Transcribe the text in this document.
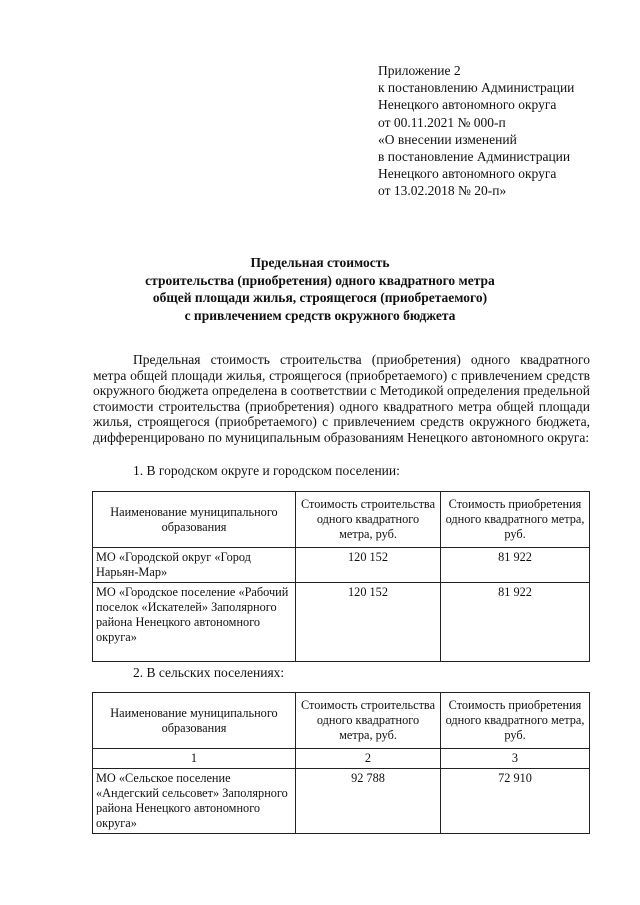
Приложение 2
к постановлению Администрации
Ненецкого автономного округа
от 00.11.2021 № 000-п
«О внесении изменений
в постановление Администрации
Ненецкого автономного округа
от 13.02.2018 № 20-п»
Предельная стоимость
строительства (приобретения) одного квадратного метра
общей площади жилья, строящегося (приобретаемого)
с привлечением средств окружного бюджета

Предельная стоимость строительства (приобретения) одного квадратного метра общей площади жилья, строящегося (приобретаемого) с привлечением средств окружного бюджета определена в соответствии с Методикой определения предельной стоимости строительства (приобретения) одного квадратного метра общей площади жилья, строящегося (приобретаемого) с привлечением средств окружного бюджета, дифференцировано по муниципальным образованиям Ненецкого автономного округа:

1. В городском округе и городском поселении:
Наименование муниципального образования	Стоимость строительства одного квадратного метра, руб.	Стоимость приобретения одного квадратного метра, руб.
МО «Городской округ «Город Нарьян-Мар»	120 152	81 922
МО «Городское поселение «Рабочий поселок «Искателей» Заполярного района Ненецкого автономного округа»	120 152	81 922
2. В сельских поселениях:
Наименование муниципального образования	Стоимость строительства одного квадратного метра, руб.	Стоимость приобретения одного квадратного метра, руб.
1	2	3
МО «Сельское поселение «Андегский сельсовет» Заполярного района Ненецкого автономного округа»	92 788	72 910
